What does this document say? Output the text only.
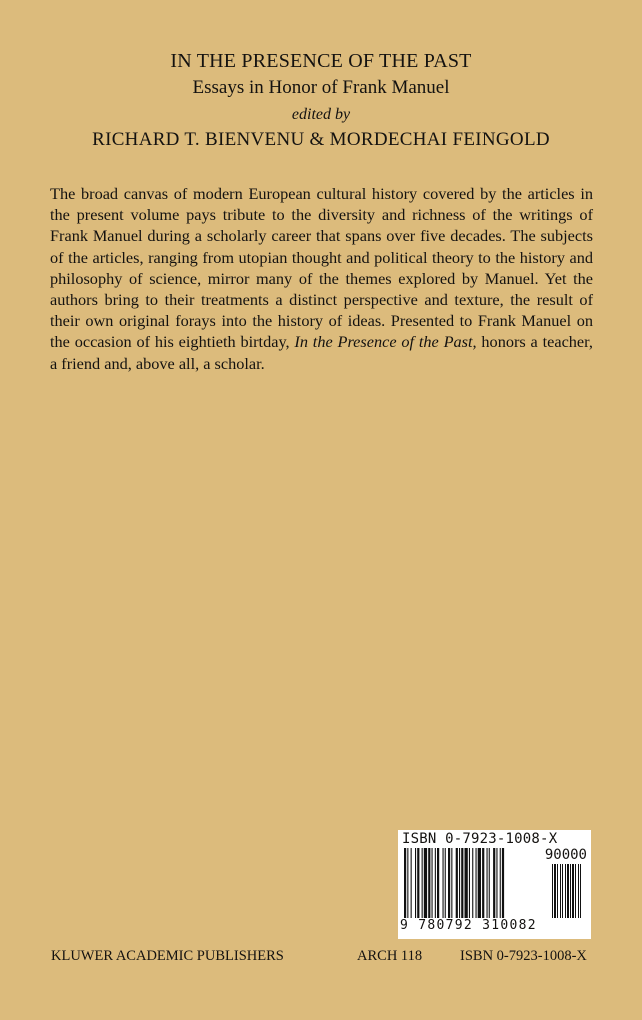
IN THE PRESENCE OF THE PAST
Essays in Honor of Frank Manuel
edited by
RICHARD T. BIENVENU & MORDECHAI FEINGOLD

The broad canvas of modern European cultural history covered by the articles in the present volume pays tribute to the diversity and richness of the writings of Frank Manuel during a scholarly career that spans over five decades. The subjects of the articles, ranging from utopian thought and political theory to the history and philosophy of science, mirror many of the themes explored by Manuel. Yet the authors bring to their treatments a distinct perspective and texture, the result of their own original forays into the history of ideas. Presented to Frank Manuel on the occasion of his eightieth birtday, In the Presence of the Past, honors a teacher, a friend and, above all, a scholar.

ISBN 0-7923-1008-X
90000
9 780792 310082
KLUWER ACADEMIC PUBLISHERS	ARCH 118	ISBN 0-7923-1008-X
